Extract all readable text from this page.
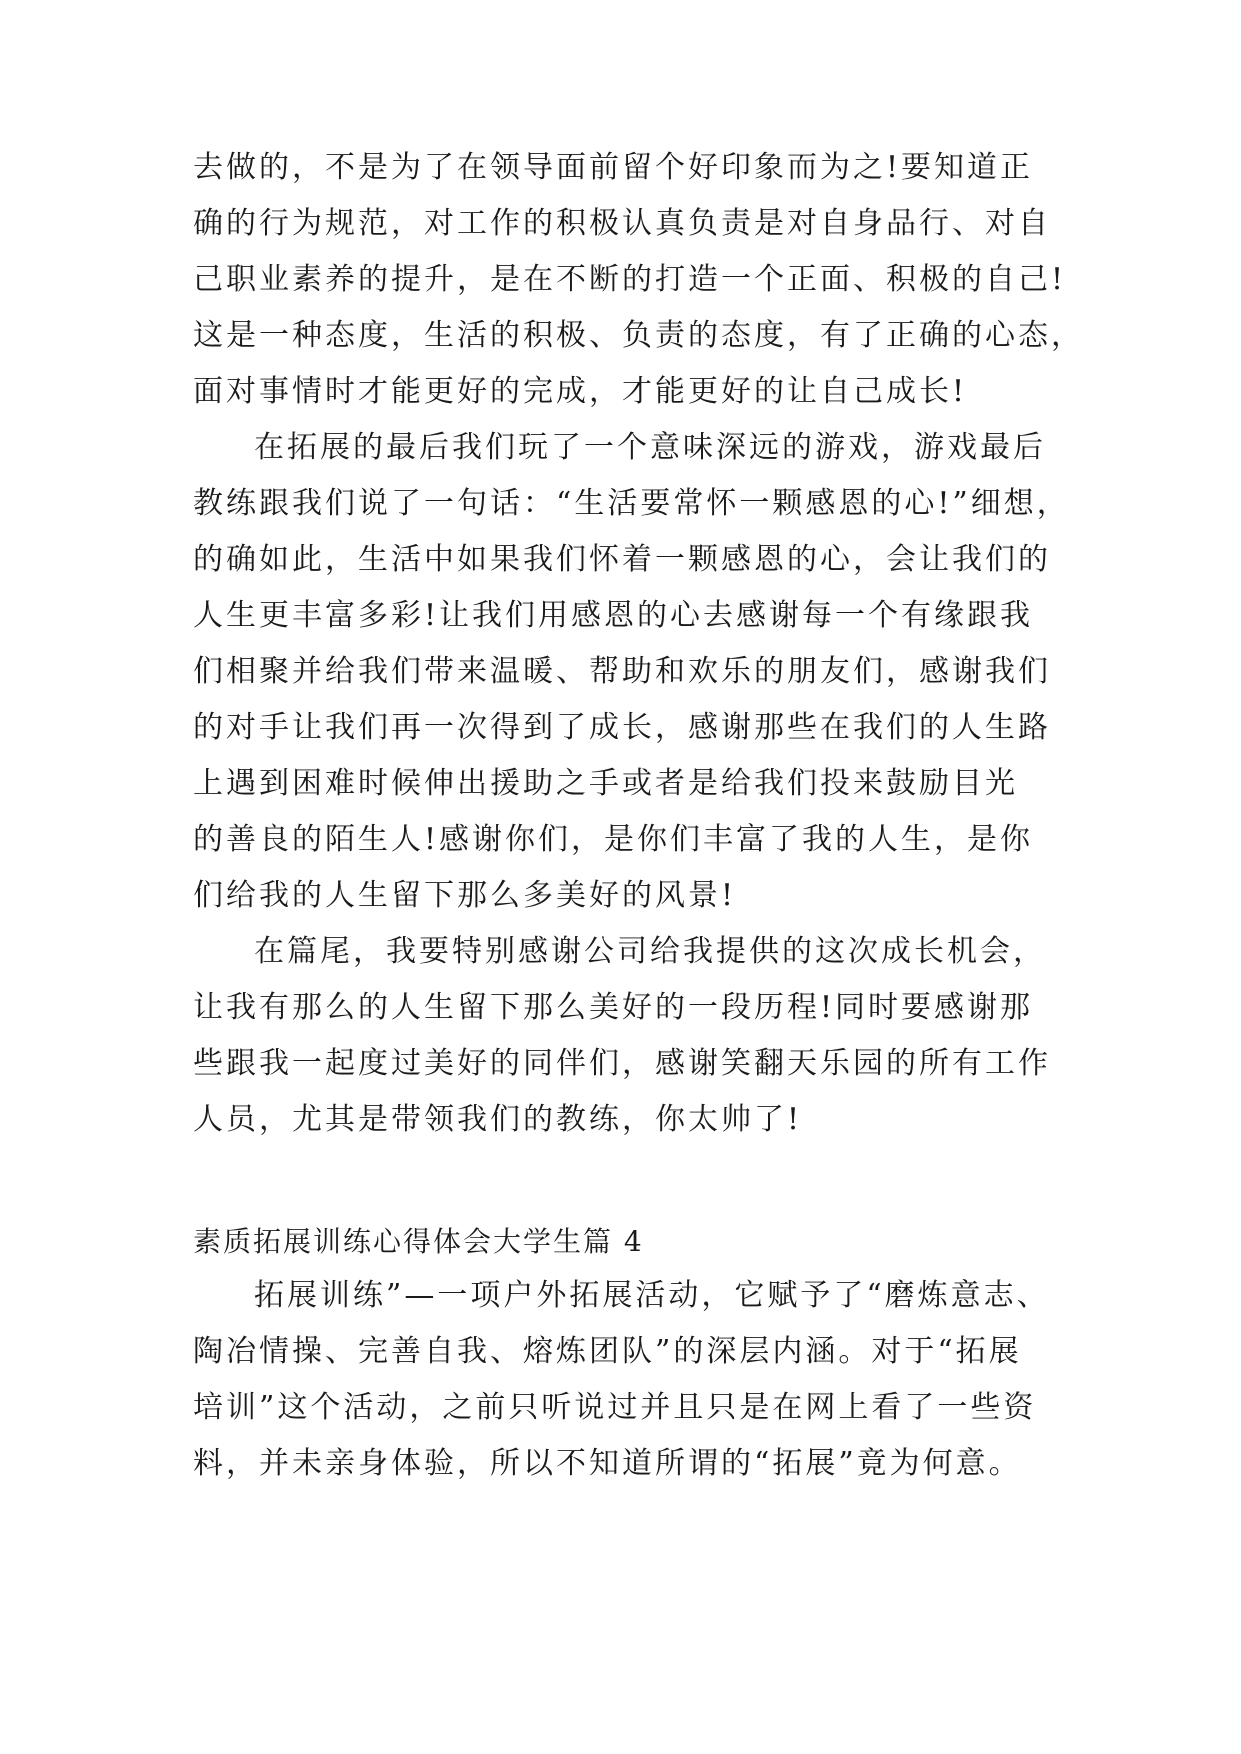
去做的，不是为了在领导面前留个好印象而为之!要知道正
确的行为规范，对工作的积极认真负责是对自身品行、对自
己职业素养的提升，是在不断的打造一个正面、积极的自己!
这是一种态度，生活的积极、负责的态度，有了正确的心态，
面对事情时才能更好的完成，才能更好的让自己成长!
在拓展的最后我们玩了一个意味深远的游戏，游戏最后
教练跟我们说了一句话：“生活要常怀一颗感恩的心!”细想，
的确如此，生活中如果我们怀着一颗感恩的心，会让我们的
人生更丰富多彩!让我们用感恩的心去感谢每一个有缘跟我
们相聚并给我们带来温暖、帮助和欢乐的朋友们，感谢我们
的对手让我们再一次得到了成长，感谢那些在我们的人生路
上遇到困难时候伸出援助之手或者是给我们投来鼓励目光
的善良的陌生人!感谢你们，是你们丰富了我的人生，是你
们给我的人生留下那么多美好的风景!
在篇尾，我要特别感谢公司给我提供的这次成长机会，
让我有那么的人生留下那么美好的一段历程!同时要感谢那
些跟我一起度过美好的同伴们，感谢笑翻天乐园的所有工作
人员，尤其是带领我们的教练，你太帅了!
素质拓展训练心得体会大学生篇 4
拓展训练”—一项户外拓展活动，它赋予了“磨炼意志、
陶冶情操、完善自我、熔炼团队”的深层内涵。对于“拓展
培训”这个活动，之前只听说过并且只是在网上看了一些资
料，并未亲身体验，所以不知道所谓的“拓展”竟为何意。
